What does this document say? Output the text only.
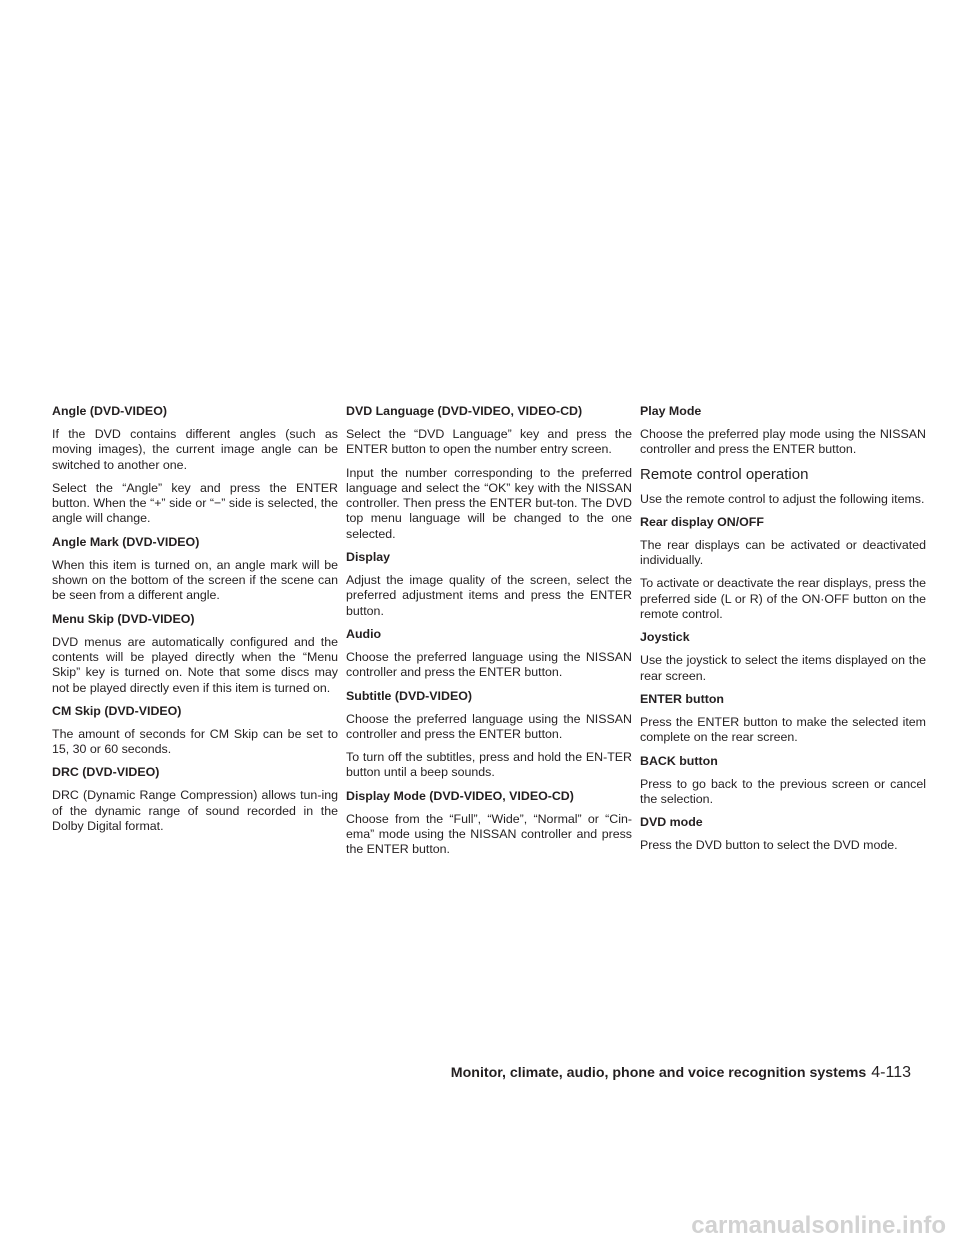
Angle (DVD-VIDEO)
If the DVD contains different angles (such as moving images), the current image angle can be switched to another one.
Select the “Angle” key and press the ENTER button. When the “+” side or “−” side is selected, the angle will change.
Angle Mark (DVD-VIDEO)
When this item is turned on, an angle mark will be shown on the bottom of the screen if the scene can be seen from a different angle.
Menu Skip (DVD-VIDEO)
DVD menus are automatically configured and the contents will be played directly when the “Menu Skip” key is turned on. Note that some discs may not be played directly even if this item is turned on.
CM Skip (DVD-VIDEO)
The amount of seconds for CM Skip can be set to 15, 30 or 60 seconds.
DRC (DVD-VIDEO)
DRC (Dynamic Range Compression) allows tun-ing of the dynamic range of sound recorded in the Dolby Digital format.
DVD Language (DVD-VIDEO, VIDEO-CD)
Select the “DVD Language” key and press the ENTER button to open the number entry screen.
Input the number corresponding to the preferred language and select the “OK” key with the NISSAN controller. Then press the ENTER but-ton. The DVD top menu language will be changed to the one selected.
Display
Adjust the image quality of the screen, select the preferred adjustment items and press the ENTER button.
Audio
Choose the preferred language using the NISSAN controller and press the ENTER button.
Subtitle (DVD-VIDEO)
Choose the preferred language using the NISSAN controller and press the ENTER button.
To turn off the subtitles, press and hold the EN-TER button until a beep sounds.
Display Mode (DVD-VIDEO, VIDEO-CD)
Choose from the “Full”, “Wide”, “Normal” or “Cin-ema” mode using the NISSAN controller and press the ENTER button.
Play Mode
Choose the preferred play mode using the NISSAN controller and press the ENTER button.
Remote control operation
Use the remote control to adjust the following items.
Rear display ON/OFF
The rear displays can be activated or deactivated individually.
To activate or deactivate the rear displays, press the preferred side (L or R) of the ON·OFF button on the remote control.
Joystick
Use the joystick to select the items displayed on the rear screen.
ENTER button
Press the ENTER button to make the selected item complete on the rear screen.
BACK button
Press to go back to the previous screen or cancel the selection.
DVD mode
Press the DVD button to select the DVD mode.
Monitor, climate, audio, phone and voice recognition systems 4-113
carmanualsonline.info
